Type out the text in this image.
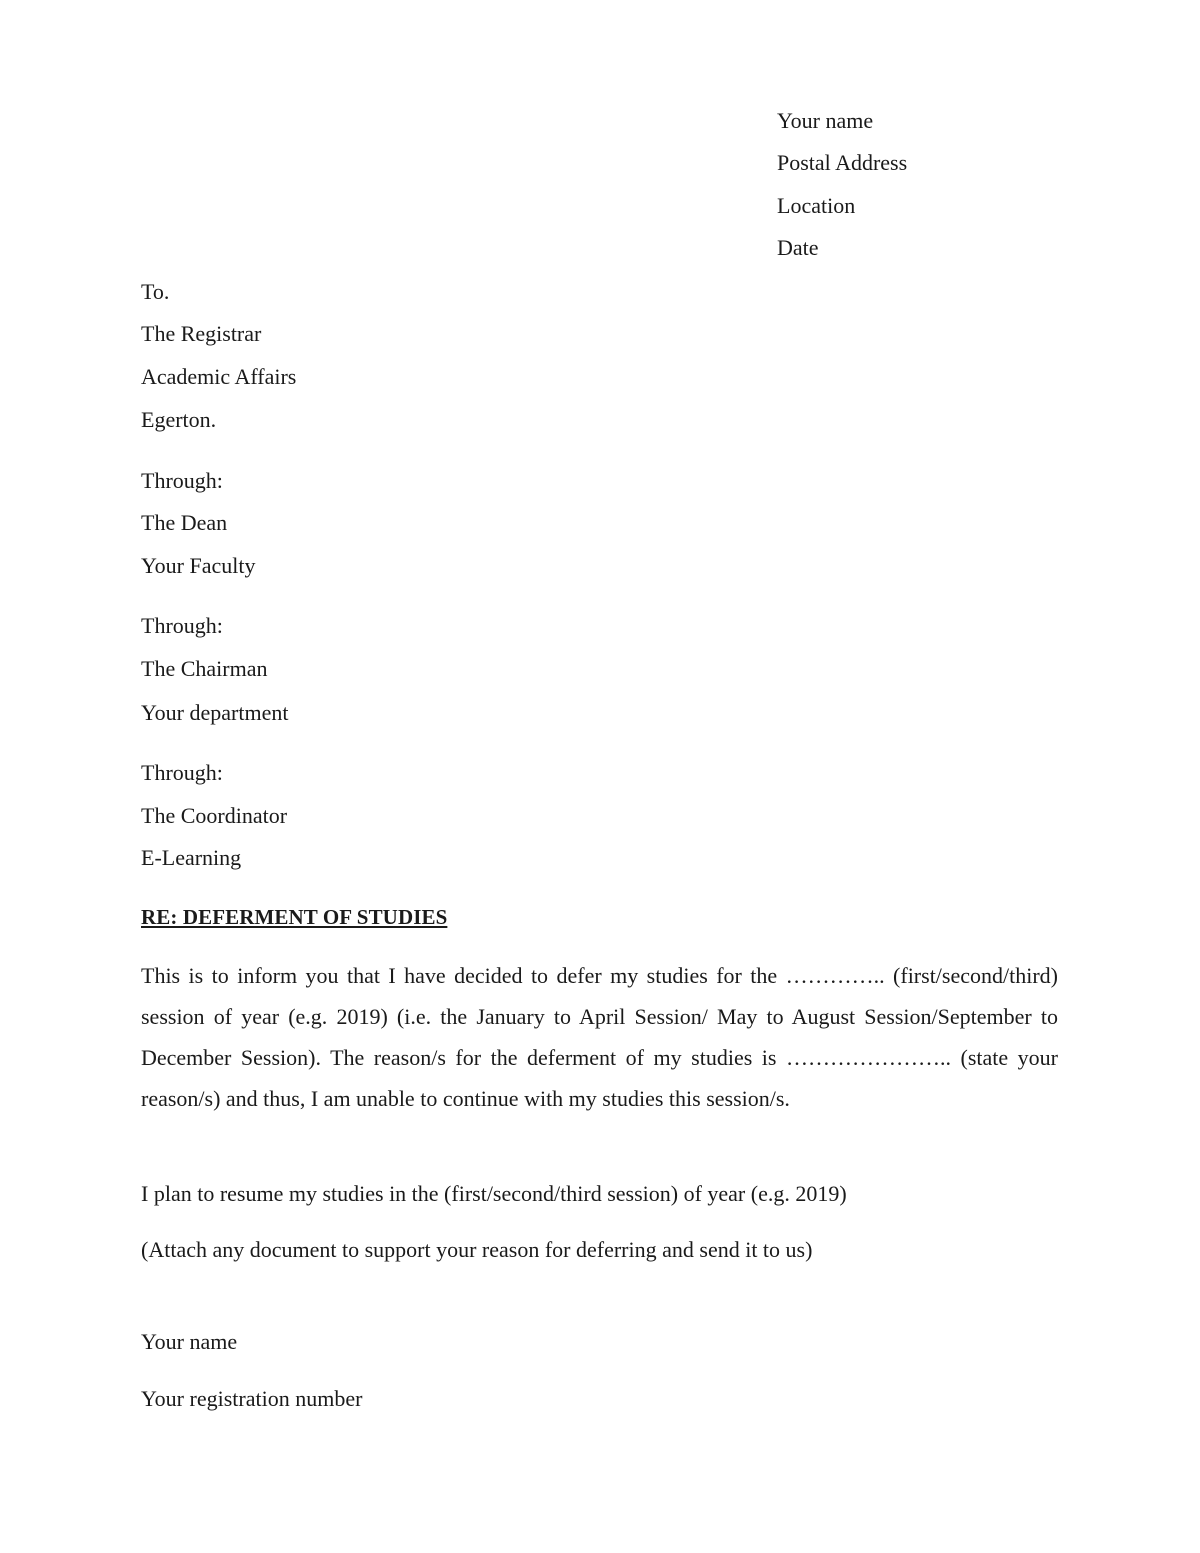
Your name
Postal Address
Location
Date
To.
The Registrar
Academic Affairs
Egerton.
Through:
The Dean
Your Faculty
Through:
The Chairman
Your department
Through:
The Coordinator
E-Learning
RE: DEFERMENT OF STUDIES
This is to inform you that I have decided to defer my studies for the ………….. (first/second/third) session of year (e.g. 2019) (i.e. the January to April Session/ May to August Session/September to December Session). The reason/s for the deferment of my studies is ………………….. (state your reason/s) and thus, I am unable to continue with my studies this session/s.
I plan to resume my studies in the (first/second/third session) of year (e.g. 2019)
(Attach any document to support your reason for deferring and send it to us)
Your name
Your registration number
